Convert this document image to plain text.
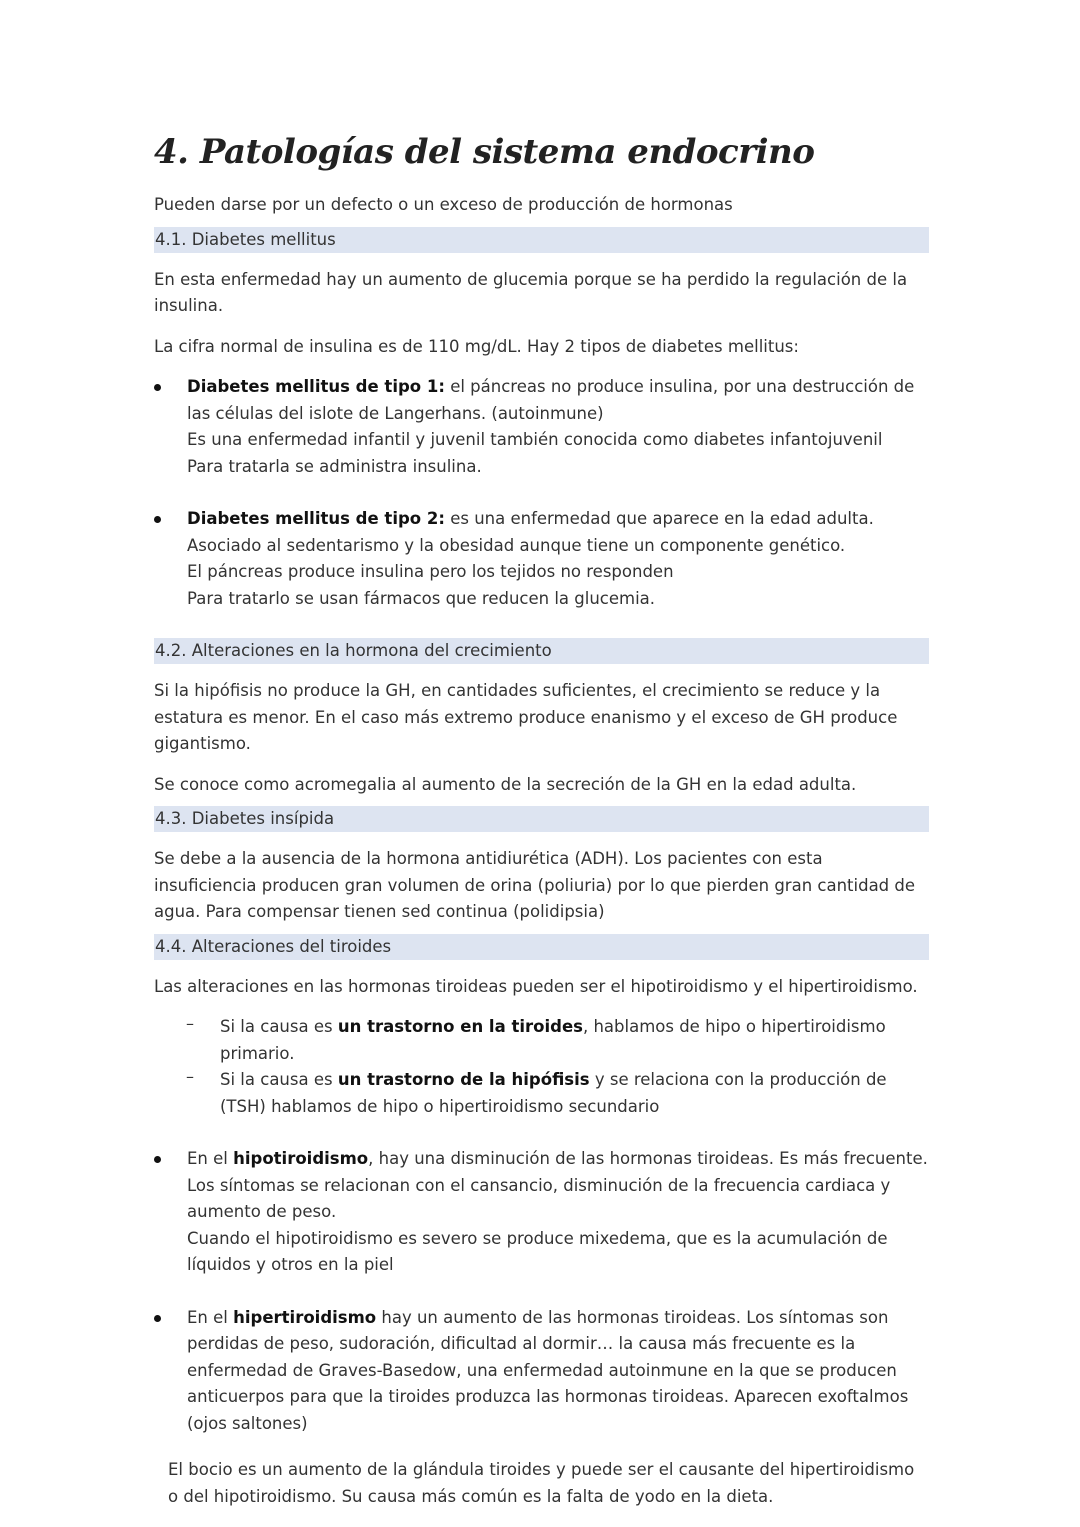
4. Patologías del sistema endocrino

Pueden darse por un defecto o un exceso de producción de hormonas

4.1. Diabetes mellitus

En esta enfermedad hay un aumento de glucemia porque se ha perdido la regulación de la insulina.

La cifra normal de insulina es de 110 mg/dL. Hay 2 tipos de diabetes mellitus:

Diabetes mellitus de tipo 1: el páncreas no produce insulina, por una destrucción de las células del islote de Langerhans. (autoinmune)

Es una enfermedad infantil y juvenil también conocida como diabetes infantojuvenil

Para tratarla se administra insulina.

Diabetes mellitus de tipo 2: es una enfermedad que aparece en la edad adulta. Asociado al sedentarismo y la obesidad aunque tiene un componente genético.

El páncreas produce insulina pero los tejidos no responden

Para tratarlo se usan fármacos que reducen la glucemia.

4.2. Alteraciones en la hormona del crecimiento

Si la hipófisis no produce la GH, en cantidades suficientes, el crecimiento se reduce y la estatura es menor. En el caso más extremo produce enanismo y el exceso de GH produce gigantismo.

Se conoce como acromegalia al aumento de la secreción de la GH en la edad adulta.

4.3. Diabetes insípida

Se debe a la ausencia de la hormona antidiurética (ADH). Los pacientes con esta insuficiencia producen gran volumen de orina (poliuria) por lo que pierden gran cantidad de agua. Para compensar tienen sed continua (polidipsia)

4.4. Alteraciones del tiroides

Las alteraciones en las hormonas tiroideas pueden ser el hipotiroidismo y el hipertiroidismo.

– Si la causa es un trastorno en la tiroides, hablamos de hipo o hipertiroidismo primario.

– Si la causa es un trastorno de la hipófisis y se relaciona con la producción de (TSH) hablamos de hipo o hipertiroidismo secundario

En el hipotiroidismo, hay una disminución de las hormonas tiroideas. Es más frecuente. Los síntomas se relacionan con el cansancio, disminución de la frecuencia cardiaca y aumento de peso.

Cuando el hipotiroidismo es severo se produce mixedema, que es la acumulación de líquidos y otros en la piel

En el hipertiroidismo hay un aumento de las hormonas tiroideas. Los síntomas son perdidas de peso, sudoración, dificultad al dormir… la causa más frecuente es la enfermedad de Graves-Basedow, una enfermedad autoinmune en la que se producen anticuerpos para que la tiroides produzca las hormonas tiroideas. Aparecen exoftalmos (ojos saltones)

El bocio es un aumento de la glándula tiroides y puede ser el causante del hipertiroidismo o del hipotiroidismo. Su causa más común es la falta de yodo en la dieta.
